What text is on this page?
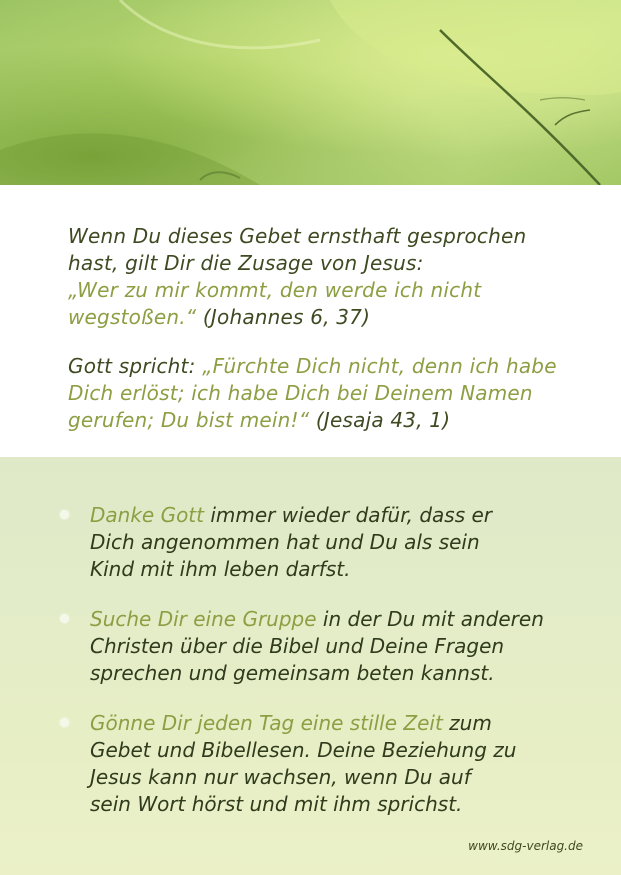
Wenn Du dieses Gebet ernsthaft gesprochen
hast, gilt Dir die Zusage von Jesus:
„Wer zu mir kommt, den werde ich nicht
wegstoßen.“ (Johannes 6, 37)
Gott spricht: „Fürchte Dich nicht, denn ich habe
Dich erlöst; ich habe Dich bei Deinem Namen
gerufen; Du bist mein!“ (Jesaja 43, 1)
Danke Gott immer wieder dafür, dass er
Dich angenommen hat und Du als sein
Kind mit ihm leben darfst.
Suche Dir eine Gruppe in der Du mit anderen
Christen über die Bibel und Deine Fragen
sprechen und gemeinsam beten kannst.
Gönne Dir jeden Tag eine stille Zeit zum
Gebet und Bibellesen. Deine Beziehung zu
Jesus kann nur wachsen, wenn Du auf
sein Wort hörst und mit ihm sprichst.
www.sdg-verlag.de
